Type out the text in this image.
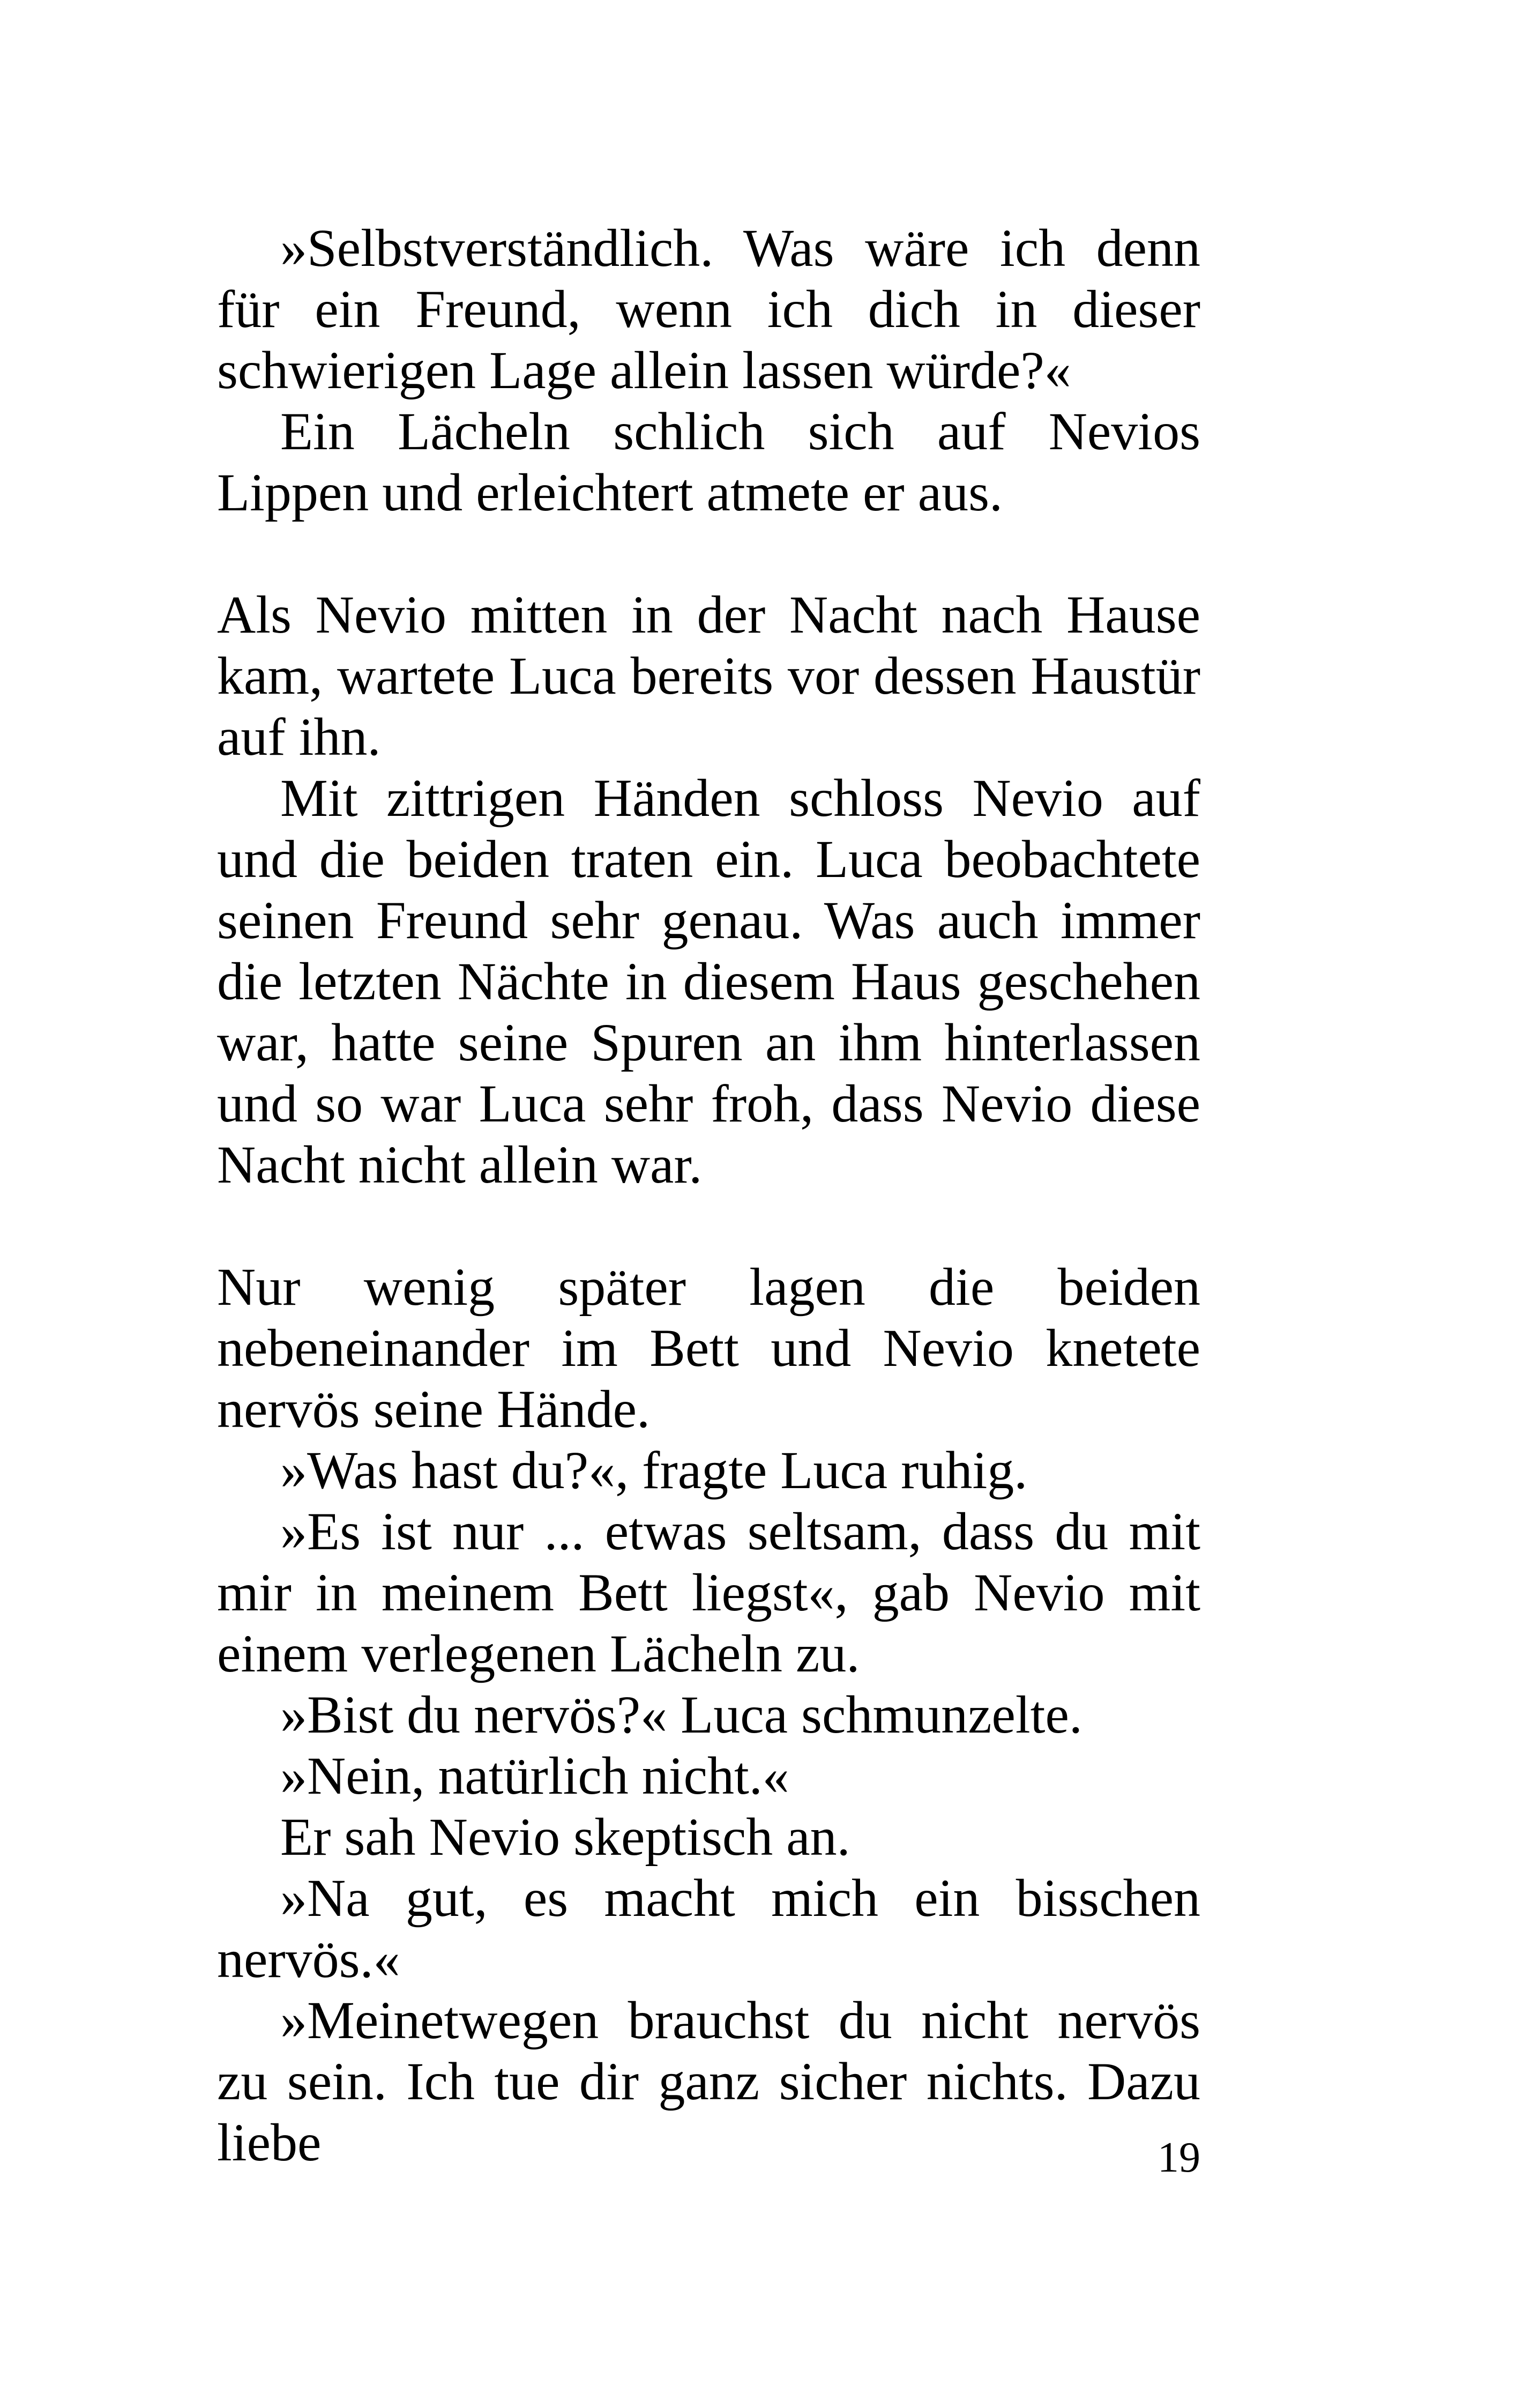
»Selbstverständlich. Was wäre ich denn für ein Freund, wenn ich dich in dieser schwierigen Lage allein lassen würde?«

Ein Lächeln schlich sich auf Nevios Lippen und erleichtert atmete er aus.

Als Nevio mitten in der Nacht nach Hause kam, wartete Luca bereits vor dessen Haustür auf ihn.

Mit zittrigen Händen schloss Nevio auf und die beiden traten ein. Luca beobachtete seinen Freund sehr genau. Was auch immer die letzten Nächte in diesem Haus geschehen war, hatte seine Spuren an ihm hinterlassen und so war Luca sehr froh, dass Nevio diese Nacht nicht allein war.

Nur wenig später lagen die beiden nebeneinander im Bett und Nevio knetete nervös seine Hände.

»Was hast du?«, fragte Luca ruhig.

»Es ist nur ... etwas seltsam, dass du mit mir in meinem Bett liegst«, gab Nevio mit einem verlegenen Lächeln zu.

»Bist du nervös?« Luca schmunzelte.

»Nein, natürlich nicht.«

Er sah Nevio skeptisch an.

»Na gut, es macht mich ein bisschen nervös.«

»Meinetwegen brauchst du nicht nervös zu sein. Ich tue dir ganz sicher nichts. Dazu liebe	19
